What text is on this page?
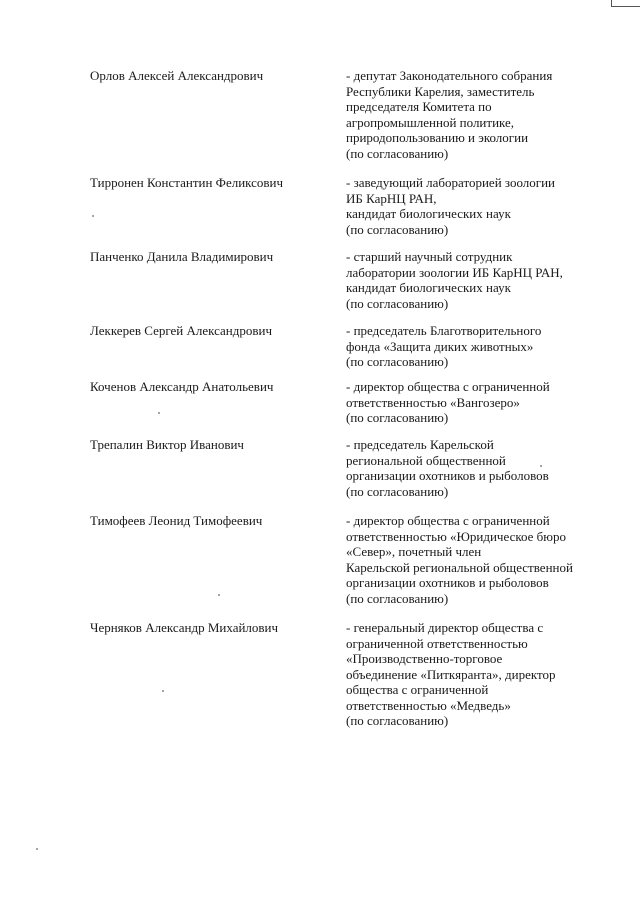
Орлов Алексей Александрович	- депутат Законодательного собрания
Республики Карелия, заместитель
председателя Комитета по
агропромышленной политике,
природопользованию и экологии
(по согласованию)
Тирронен Константин Феликсович	- заведующий лабораторией зоологии
ИБ КарНЦ РАН,
кандидат биологических наук
(по согласованию)
Панченко Данила Владимирович	- старший научный сотрудник
лаборатории зоологии ИБ КарНЦ РАН,
кандидат биологических наук
(по согласованию)
Леккерев Сергей Александрович	- председатель Благотворительного
фонда «Защита диких животных»
(по согласованию)
Коченов Александр Анатольевич	- директор общества с ограниченной
ответственностью «Вангозеро»
(по согласованию)
Трепалин Виктор Иванович	- председатель Карельской
региональной общественной
организации охотников и рыболовов
(по согласованию)
Тимофеев Леонид Тимофеевич	- директор общества с ограниченной
ответственностью «Юридическое бюро
«Север», почетный член
Карельской региональной общественной
организации охотников и рыболовов
(по согласованию)
Черняков Александр Михайлович	- генеральный директор общества с
ограниченной ответственностью
«Производственно-торговое
объединение «Питкяранта», директор
общества с ограниченной
ответственностью «Медведь»
(по согласованию)
